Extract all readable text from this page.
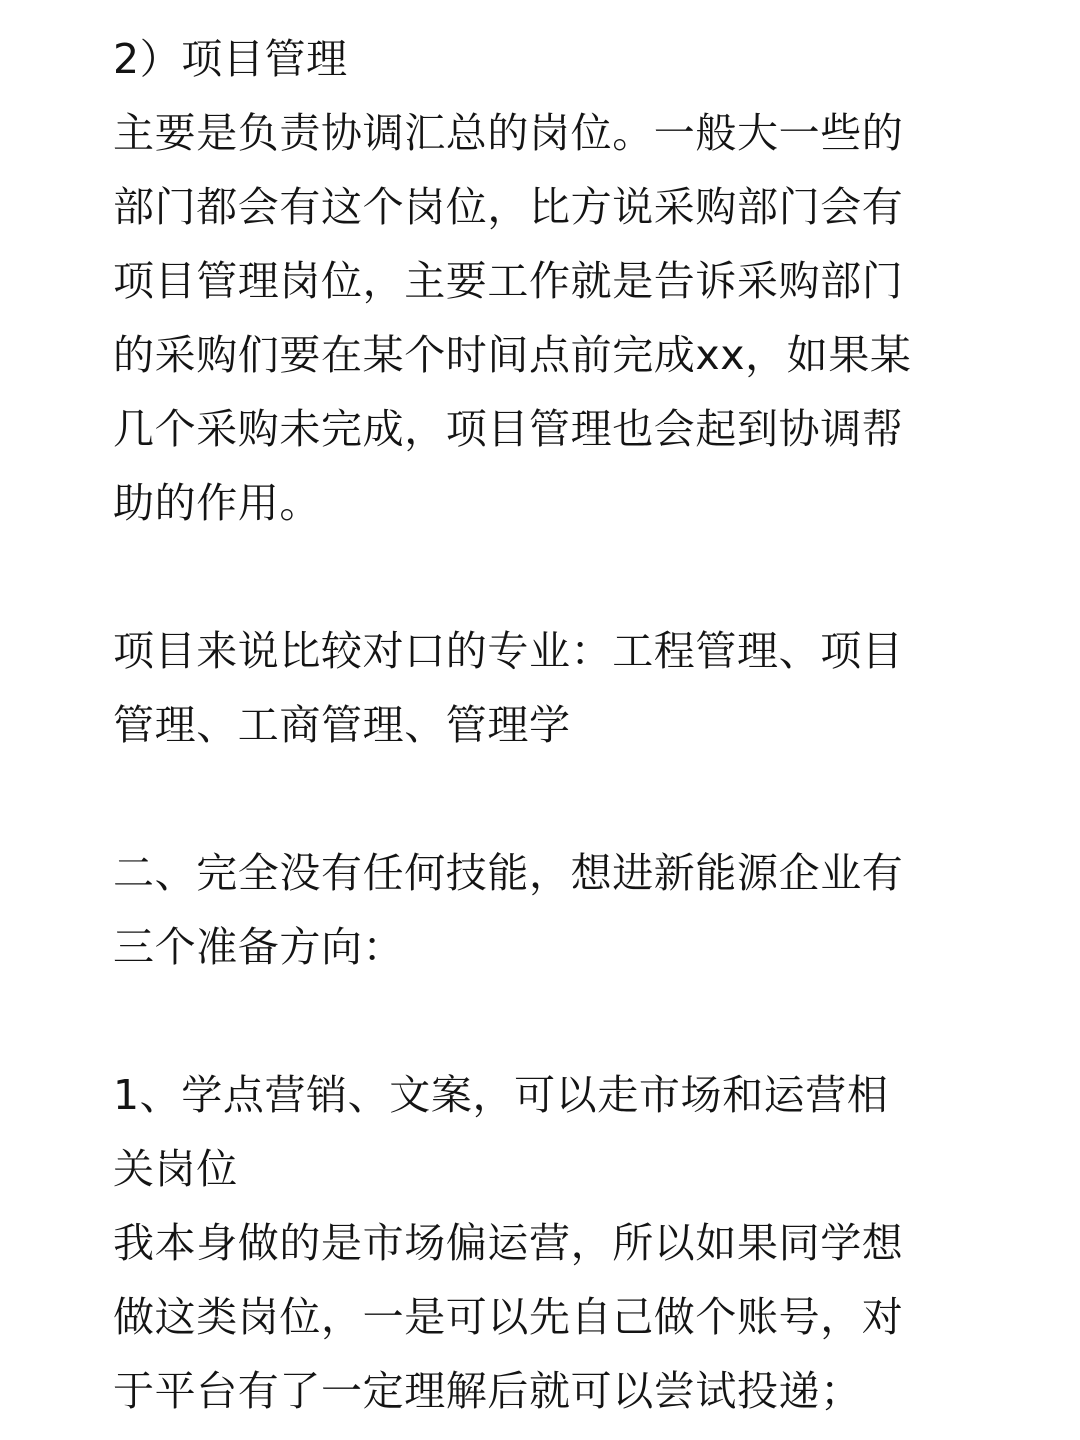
2）项目管理
主要是负责协调汇总的岗位。一般大一些的
部门都会有这个岗位，比方说采购部门会有
项目管理岗位，主要工作就是告诉采购部门
的采购们要在某个时间点前完成xx，如果某
几个采购未完成，项目管理也会起到协调帮
助的作用。
项目来说比较对口的专业：工程管理、项目
管理、工商管理、管理学
二、完全没有任何技能，想进新能源企业有
三个准备方向：
1、学点营销、文案，可以走市场和运营相
关岗位
我本身做的是市场偏运营，所以如果同学想
做这类岗位，一是可以先自己做个账号，对
于平台有了一定理解后就可以尝试投递；
